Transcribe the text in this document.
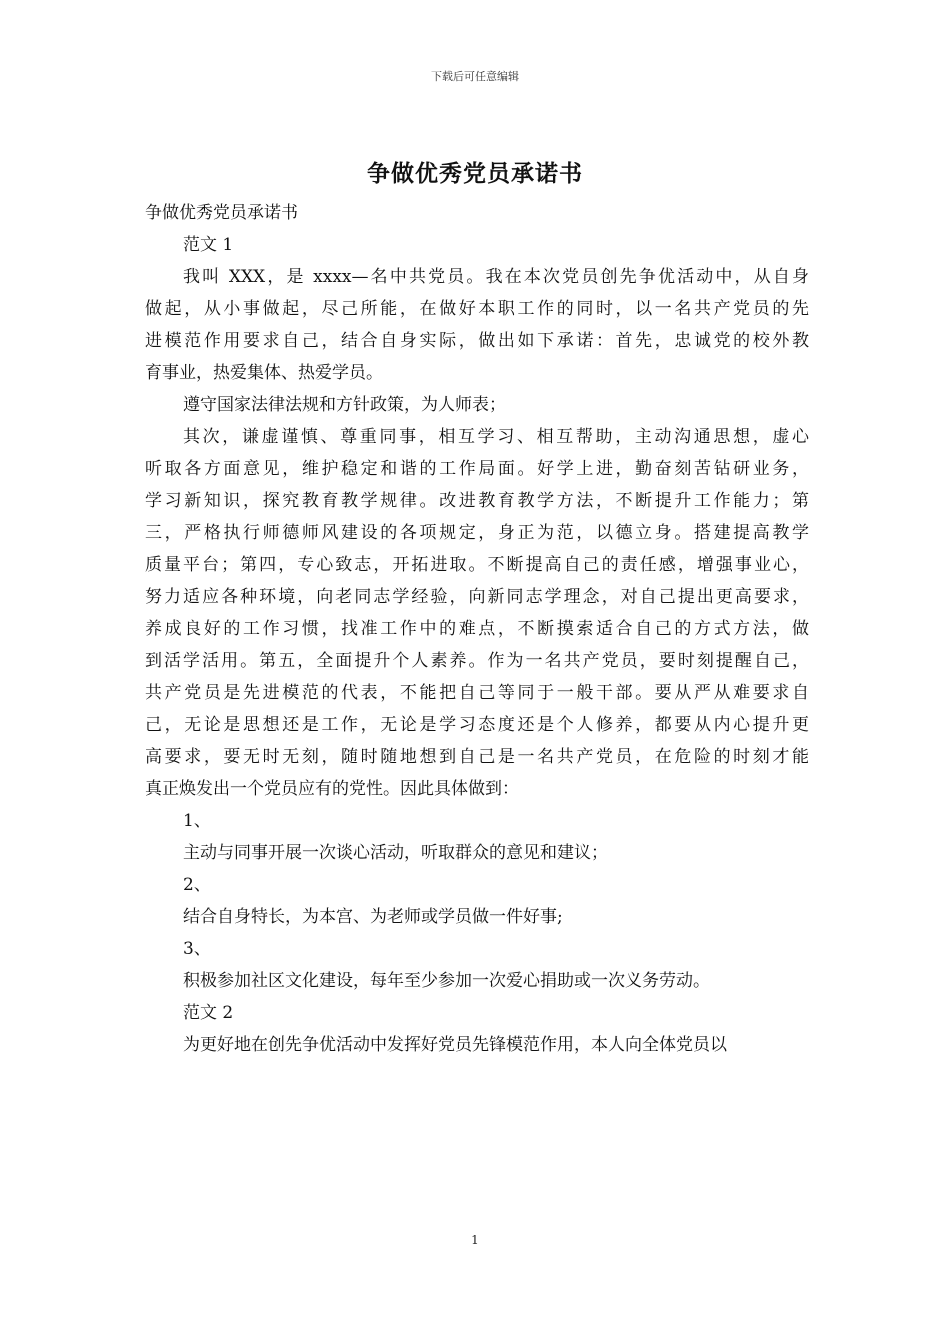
下载后可任意编辑
争做优秀党员承诺书

争做优秀党员承诺书

范文 1

我叫 XXX，是 xxxx—名中共党员。我在本次党员创先争优活动中，从自身
做起，从小事做起，尽己所能，在做好本职工作的同时，以一名共产党员的先
进模范作用要求自己，结合自身实际，做出如下承诺：首先，忠诚党的校外教
育事业，热爱集体、热爱学员。

遵守国家法律法规和方针政策，为人师表；

其次，谦虚谨慎、尊重同事，相互学习、相互帮助，主动沟通思想，虚心
听取各方面意见，维护稳定和谐的工作局面。好学上进，勤奋刻苦钻研业务，
学习新知识，探究教育教学规律。改进教育教学方法，不断提升工作能力；第
三，严格执行师德师风建设的各项规定，身正为范，以德立身。搭建提高教学
质量平台；第四，专心致志，开拓进取。不断提高自己的责任感，增强事业心，
努力适应各种环境，向老同志学经验，向新同志学理念，对自己提出更高要求，
养成良好的工作习惯，找准工作中的难点，不断摸索适合自己的方式方法，做
到活学活用。第五，全面提升个人素养。作为一名共产党员，要时刻提醒自己，
共产党员是先进模范的代表，不能把自己等同于一般干部。要从严从难要求自
己，无论是思想还是工作，无论是学习态度还是个人修养，都要从内心提升更
高要求，要无时无刻，随时随地想到自己是一名共产党员，在危险的时刻才能
真正焕发出一个党员应有的党性。因此具体做到：

1、

主动与同事开展一次谈心活动，听取群众的意见和建议；

2、

结合自身特长，为本宫、为老师或学员做一件好事;

3、

积极参加社区文化建设，每年至少参加一次爱心捐助或一次义务劳动。

范文 2

为更好地在创先争优活动中发挥好党员先锋模范作用，本人向全体党员以

1
